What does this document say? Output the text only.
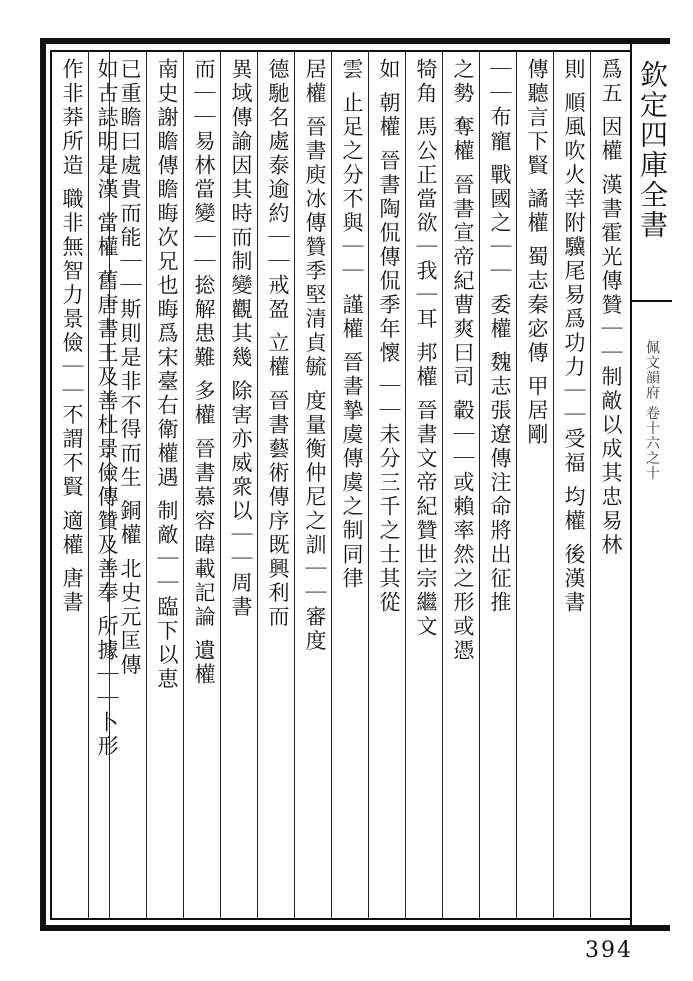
欽定四庫全書
佩文韻府 卷十六之十
爲五 因權 漢書霍光傳贊｜｜制敵以成其忠易林
則 順風吹火幸附驥尾易爲功力｜｜受福 均權 後漢書
傳聽言下賢 譎權 蜀志秦宓傳 甲居剛
｜｜布寵 戰國之｜｜ 委權 魏志張遼傳注命將出征推
之勢 奪權 晉書宣帝紀曹爽曰司 轂｜｜或賴率然之形或憑
犄角 馬公正當欲｜我｜耳 邦權 晉書文帝紀贊世宗繼文
如 朝權 晉書陶侃傳侃季年懷 ｜｜未分三千之士其從
雲 止足之分不與｜｜ 謹權 晉書摯虞傳虞之制同律
居權 晉書庾冰傳贊季堅清貞毓 度量衡仲尼之訓｜｜審度
德馳名處泰逾約｜｜戒盈 立權 晉書藝術傳序既興利而
異域傳諭因其時而制變觀其幾 除害亦威衆以｜｜周書
而｜｜易林當變｜｜捴解患難 多權 晉書慕容暐載記論 遺權
南史謝瞻傳瞻晦次兄也晦爲宋臺右衛權遇 制敵｜｜臨下以恵
已重瞻曰處貴而能｜｜斯則是非不得而生 銅權 北史元匡傳
如古誌明是漢 當權 舊唐書王及善杜景儉傳贊及善奉 所據｜｜卜形
作非莽所造 職非無智力景儉｜｜不謂不賢 適權 唐書
394
